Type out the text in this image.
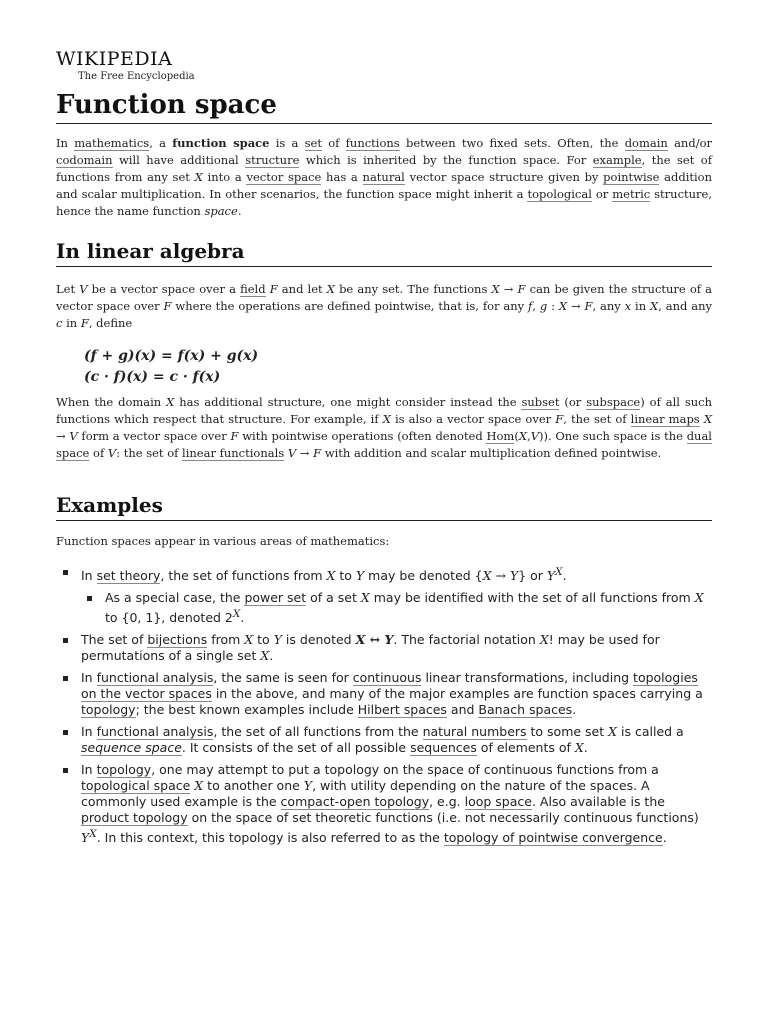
WIKIPEDIA
The Free Encyclopedia
Function space

In mathematics, a function space is a set of functions between two fixed sets. Often, the domain and/or codomain will have additional structure which is inherited by the function space. For example, the set of functions from any set X into a vector space has a natural vector space structure given by pointwise addition and scalar multiplication. In other scenarios, the function space might inherit a topological or metric structure, hence the name function space.

In linear algebra

Let V be a vector space over a field F and let X be any set. The functions X → F can be given the structure of a vector space over F where the operations are defined pointwise, that is, for any f, g : X → F, any x in X, and any c in F, define

(f + g)(x) = f(x) + g(x)
(c · f)(x) = c · f(x)

When the domain X has additional structure, one might consider instead the subset (or subspace) of all such functions which respect that structure. For example, if X is also a vector space over F, the set of linear maps X → V form a vector space over F with pointwise operations (often denoted Hom(X,V)). One such space is the dual space of V: the set of linear functionals V → F with addition and scalar multiplication defined pointwise.

Examples

Function spaces appear in various areas of mathematics:

In set theory, the set of functions from X to Y may be denoted {X → Y} or $Y^X$.
As a special case, the power set of a set X may be identified with the set of all functions from X to {0, 1}, denoted $2^X$.
The set of bijections from X to Y is denoted X ↔ Y. The factorial notation X! may be used for permutations of a single set X.
In functional analysis, the same is seen for continuous linear transformations, including topologies on the vector spaces in the above, and many of the major examples are function spaces carrying a topology; the best known examples include Hilbert spaces and Banach spaces.
In functional analysis, the set of all functions from the natural numbers to some set X is called a sequence space. It consists of the set of all possible sequences of elements of X.
In topology, one may attempt to put a topology on the space of continuous functions from a topological space X to another one Y, with utility depending on the nature of the spaces. A commonly used example is the compact-open topology, e.g. loop space. Also available is the product topology on the space of set theoretic functions (i.e. not necessarily continuous functions) $Y^X$. In this context, this topology is also referred to as the topology of pointwise convergence.
